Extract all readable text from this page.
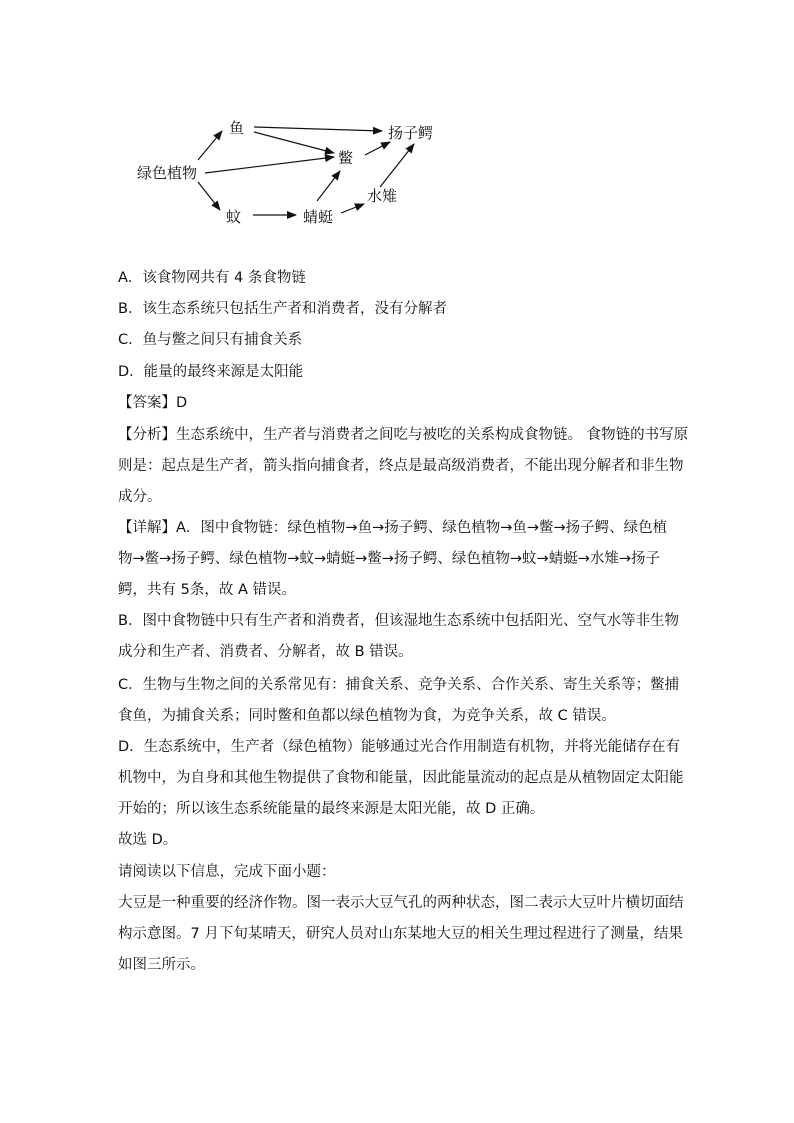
绿色植物
鱼
蚊	蜻蜓
鳖
水雉
扬子鳄
A．该食物网共有 4 条食物链
B．该生态系统只包括生产者和消费者，没有分解者
C．鱼与鳖之间只有捕食关系
D．能量的最终来源是太阳能
【答案】D
【分析】生态系统中，生产者与消费者之间吃与被吃的关系构成食物链。 食物链的书写原
则是：起点是生产者，箭头指向捕食者，终点是最高级消费者，不能出现分解者和非生物
成分。
【详解】A．图中食物链：绿色植物→鱼→扬子鳄、绿色植物→鱼→鳖→扬子鳄、绿色植
物→鳖→扬子鳄、绿色植物→蚊→蜻蜓→鳖→扬子鳄、绿色植物→蚊→蜻蜓→水雉→扬子
鳄，共有 5条，故 A 错误。
B．图中食物链中只有生产者和消费者，但该湿地生态系统中包括阳光、空气水等非生物
成分和生产者、消费者、分解者，故 B 错误。
C．生物与生物之间的关系常见有：捕食关系、竞争关系、合作关系、寄生关系等；鳖捕
食鱼，为捕食关系；同时鳖和鱼都以绿色植物为食，为竞争关系，故 C 错误。
D．生态系统中，生产者（绿色植物）能够通过光合作用制造有机物，并将光能储存在有
机物中，为自身和其他生物提供了食物和能量，因此能量流动的起点是从植物固定太阳能
开始的；所以该生态系统能量的最终来源是太阳光能，故 D 正确。
故选 D。
请阅读以下信息，完成下面小题：
大豆是一种重要的经济作物。图一表示大豆气孔的两种状态，图二表示大豆叶片横切面结
构示意图。7 月下旬某晴天，研究人员对山东某地大豆的相关生理过程进行了测量，结果
如图三所示。
